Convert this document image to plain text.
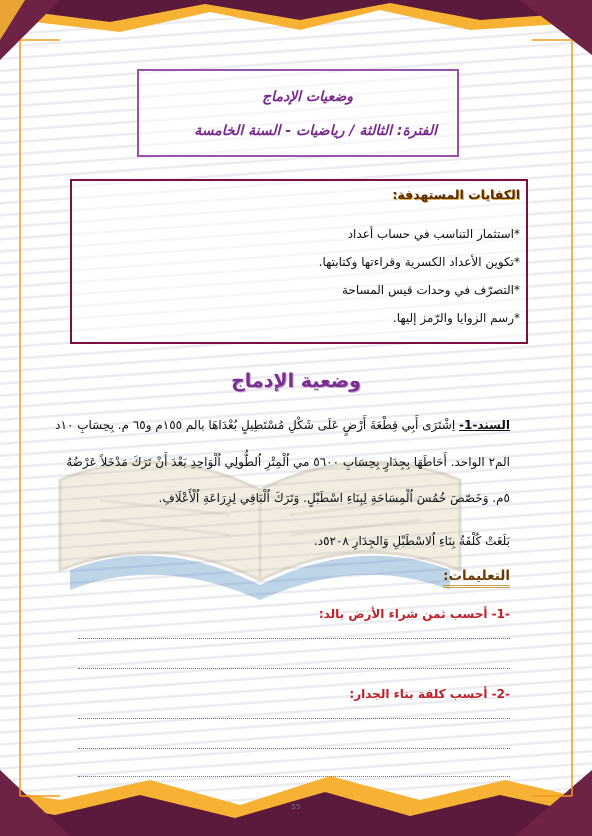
وضعيات الإدماج
الفترة: الثالثة / رياضيات - السنة الخامسة
الكفايات المستهدفة:
*استثمار التناسب في حساب أعداد
*تكوين الأعداد الكسرية وقراءتها وكتابتها.
*التصرّف في وحدات قيس المساحة
*رسم الزوايا والرّمز إليها.
وضعية الإدماج
السند-1- اِشْتَرَى أَبِي قِطْعَةَ أَرْضٍ عَلَى شَكْلِ مُسْتَطِيلٍ بُعْدَاهَا بالم ١٥٥م و٦٥ م. بِحِسَابِ ١٠د
الم٢ الواحد. أَحَاطَهَا بِجِدَارٍ بِحِسَابِ ٥٦٠٠ مي اُلْمِتْرِ اُلطُّولِي اُلْوَاحِدِ بَعْدَ أَنْ تَرَكَ مَدْخَلاً عَرْضُهُ
٥م. وَخَصّصَ خُمُسَ اُلْمِسَاحَةِ لِبِنَاءِ اسْطَبْلٍ. وَتَرَكَ اُلْبَاقِي لِزِرَاعَةِ اُلْأَعْلَافِ.
بَلَغَتْ كُلْفَةُ بِنَاءِ اُلاسْطَبْلِ وَالجِدَارِ ٥٢٠٨د.
التعليمات:
-1- أحسب ثمن شراء الأرض بالد:
-2- أحسب كلفة بناء الجدار:
55
